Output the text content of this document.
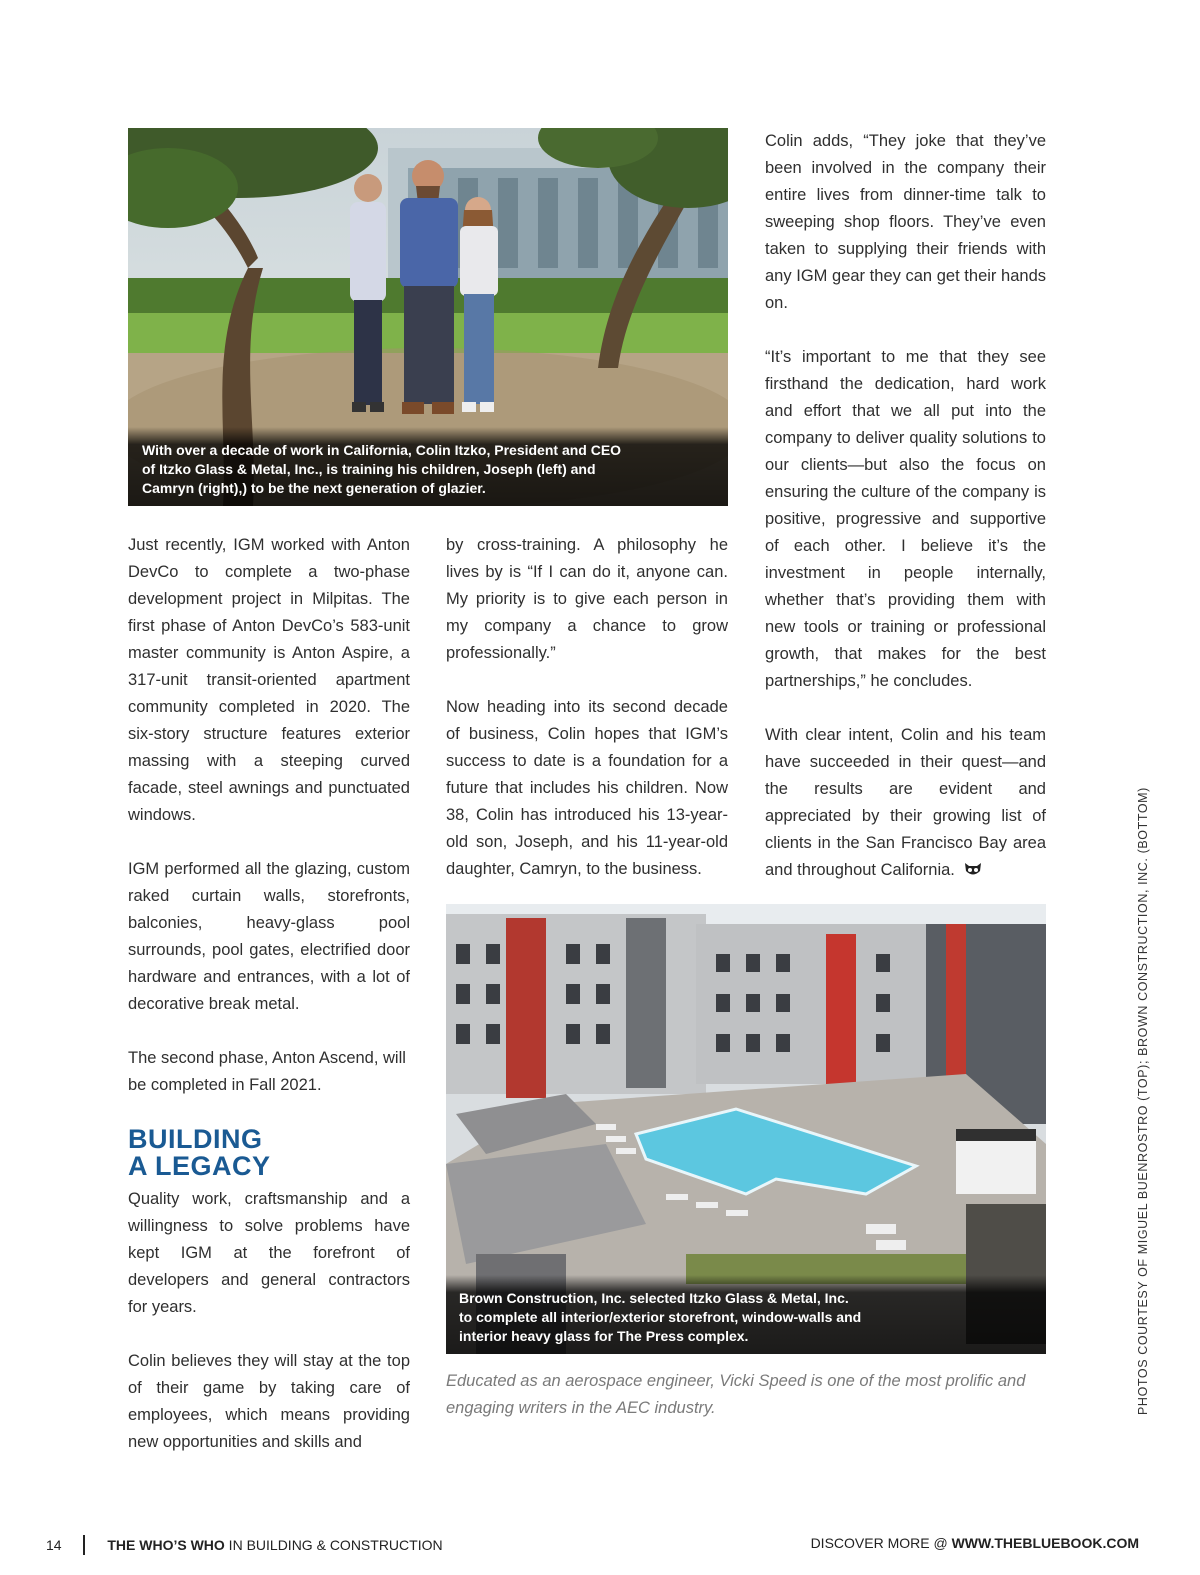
With over a decade of work in California, Colin Itzko, President and CEO
of Itzko Glass & Metal, Inc., is training his children, Joseph (left) and
Camryn (right),) to be the next generation of glazier.

Just recently, IGM worked with Anton DevCo to complete a two-phase development project in Milpitas. The first phase of Anton DevCo’s 583-unit master community is Anton Aspire, a 317-unit transit-oriented apartment community completed in 2020. The six-story structure features exterior massing with a steeping curved facade, steel awnings and punctuated windows.

IGM performed all the glazing, custom raked curtain walls, storefronts, balconies, heavy-glass pool surrounds, pool gates, electrified door hardware and entrances, with a lot of decorative break metal.

The second phase, Anton Ascend, will be completed in Fall 2021.

BUILDING
A LEGACY

Quality work, craftsmanship and a willingness to solve problems have kept IGM at the forefront of developers and general contractors for years.

Colin believes they will stay at the top of their game by taking care of employees, which means providing new opportunities and skills and

by cross-training. A philosophy he lives by is “If I can do it, anyone can. My priority is to give each person in my company a chance to grow professionally.”

Now heading into its second decade of business, Colin hopes that IGM’s success to date is a foundation for a future that includes his children. Now 38, Colin has introduced his 13-year-old son, Joseph, and his 11-year-old daughter, Camryn, to the business.

Colin adds, “They joke that they’ve been involved in the company their entire lives from dinner-time talk to sweeping shop floors. They’ve even taken to supplying their friends with any IGM gear they can get their hands on.

“It’s important to me that they see firsthand the dedication, hard work and effort that we all put into the company to deliver quality solutions to our clients—but also the focus on ensuring the culture of the company is positive, progressive and supportive of each other. I believe it’s the investment in people internally, whether that’s providing them with new tools or training or professional growth, that makes for the best partnerships,” he concludes.

With clear intent, Colin and his team have succeeded in their quest—and the results are evident and appreciated by their growing list of clients in the San Francisco Bay area and throughout California.

Brown Construction, Inc. selected Itzko Glass & Metal, Inc.
to complete all interior/exterior storefront, window-walls and
interior heavy glass for The Press complex.
Educated as an aerospace engineer, Vicki Speed is one of the most prolific and engaging writers in the AEC industry.	PHOTOS COURTESY OF MIGUEL BUENROSTRO (TOP); BROWN CONSTRUCTION, INC. (BOTTOM)
14	THE WHO’S WHO IN BUILDING & CONSTRUCTION	DISCOVER MORE @ WWW.THEBLUEBOOK.COM
